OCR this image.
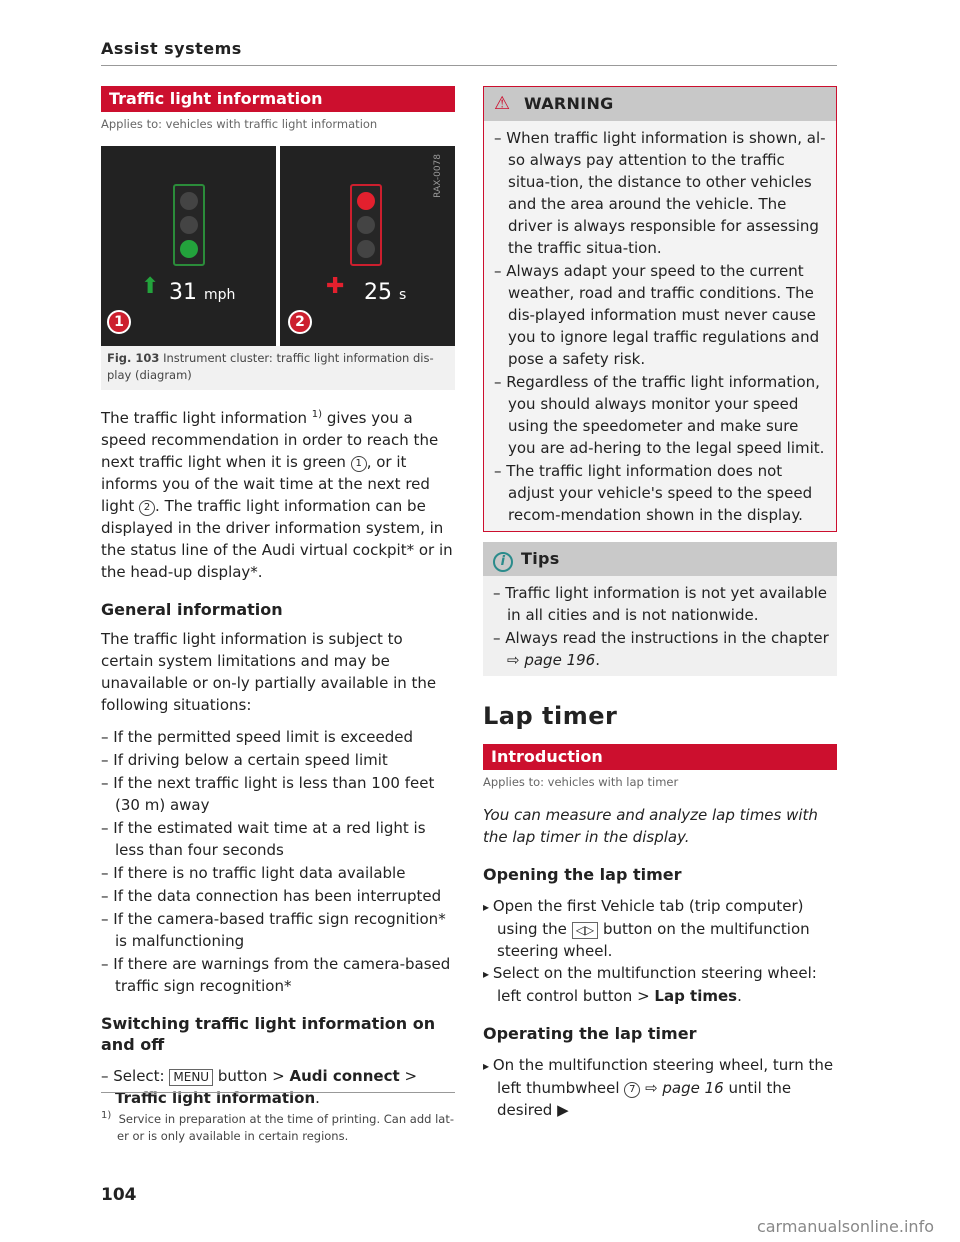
Assist systems
Traffic light information
Applies to: vehicles with traffic light information
⬆ 31 mph
1
✚ 25 s
2
RAX-0078
Fig. 103 Instrument cluster: traffic light information dis-play (diagram)

The traffic light information $^{1)}$ gives you a speed recommendation in order to reach the next traffic light when it is green 1 , or it informs you of the wait time at the next red light 2 . The traffic light information can be displayed in the driver information system, in the status line of the Audi virtual cockpit* or in the head-up display*.

General information

The traffic light information is subject to certain system limitations and may be unavailable or on-ly partially available in the following situations:

– If the permitted speed limit is exceeded
– If driving below a certain speed limit
– If the next traffic light is less than 100 feet (30 m) away
– If the estimated wait time at a red light is less than four seconds
– If there is no traffic light data available
– If the data connection has been interrupted
– If the camera-based traffic sign recognition* is malfunctioning
– If there are warnings from the camera-based traffic sign recognition*
Switching traffic light information on and off
– Select: MENU button > Audi connect > Traffic light information.
$^{1)}$ Service in preparation at the time of printing. Can add lat-er or is only available in certain regions.
104
⚠ WARNING
– When traffic light information is shown, al-so always pay attention to the traffic situa-tion, the distance to other vehicles and the area around the vehicle. The driver is always responsible for assessing the traffic situa-tion.
– Always adapt your speed to the current weather, road and traffic conditions. The dis-played information must never cause you to ignore legal traffic regulations and pose a safety risk.
– Regardless of the traffic light information, you should always monitor your speed using the speedometer and make sure you are ad-hering to the legal speed limit.
– The traffic light information does not adjust your vehicle's speed to the speed recom-mendation shown in the display.
i Tips
– Traffic light information is not yet available in all cities and is not nationwide.
– Always read the instructions in the chapter ⇨ page 196.
Lap timer
Introduction
Applies to: vehicles with lap timer

You can measure and analyze lap times with the lap timer in the display.

Opening the lap timer
▸ Open the first Vehicle tab (trip computer) using the ◁▷ button on the multifunction steering wheel.
▸ Select on the multifunction steering wheel: left control button > Lap times.
Operating the lap timer
▸ On the multifunction steering wheel, turn the left thumbwheel 7 ⇨ page 16 until the desired ▶
carmanualsonline.info
